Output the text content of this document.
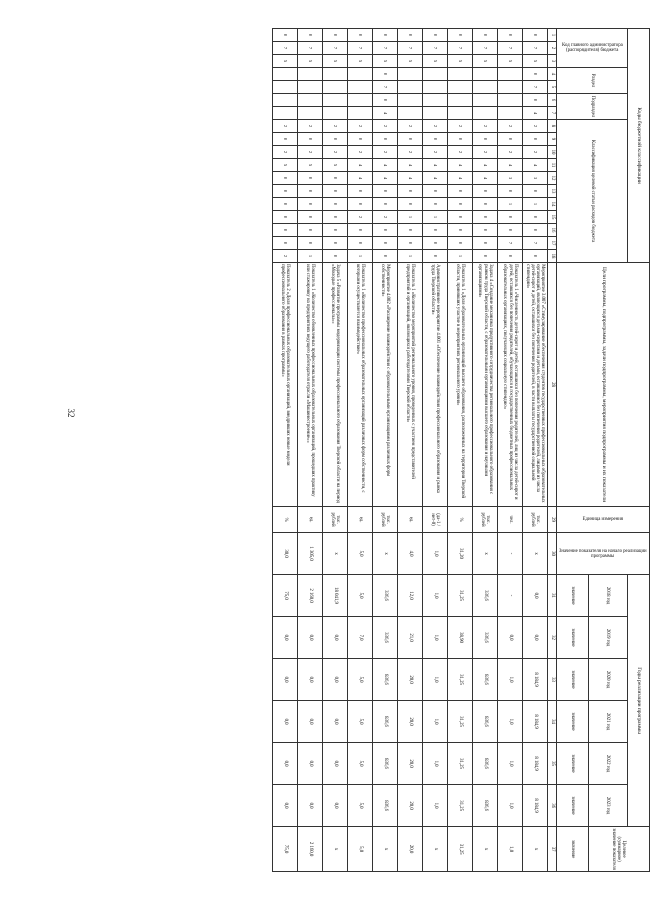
32
Коды бюджетной классификации																		Цели программы, подпрограммы, задачи подпрограммы, мероприятия подпрограммы и их показатели	Единица измерения	Значение показателя на начало реализации программы	Годы реализации программы						Целевое (суммарное) значение показателя

Код главного администратора (распорядителя) бюджета			Раздел		Подраздел		Классификация целевой статьи расходов бюджета														2018 год	2019 год	2020 год	2021 год	2022 год	2023 год	
																					значение	значение	значение	значение	значение	значение	значение
1	2	3	4	5	6	7	8	9	10	11	12	13	14	15	16	17	18	28	29	30	31	32	33	34	35	36	37
0	7	5	0	7	0	4	2	0	2	4	3	0	1	0	0	7	0	Мероприятие 3.007 «Стимулирование обеспечения студентов государственных профессиональных образовательных организаций, являющихся детьми-сиротами и детьми, оставшимися без попечения родителей, лицами из числа детей-сирот и детей, оставшихся без попечения родителей, в части выплаты государственной социальной стипендии»	тыс. рублей	х	0,0	0,0	8 184,9	8 184,9	8 184,9	8 184,9	х
0	7	5					2	0	2	4	3	0	1	0	0	7	0	Показатель 1 «Численность детей-сирот и детей, оставшихся без попечения родителей, лиц из числа детей-сирот и детей, оставшихся без попечения родителей, обучающихся в государственных бюджетных профессиональных образовательных организациях, получающих социальную стипендию»	чел.	-	-	0,0	1,0	1,0	1,0	1,0	1,0
0	7	5					2	0	2	4	4	0	0	0	0	0	0	Задача 4 «Создание механизма продуктивного сотрудничества регионального профессионального образования с рынком труда Тверской области, с образовательными организациями высшего образования и научными организациями»	тыс. рублей	х	336,6	336,6	836,6	836,6	836,6	836,6	х
0	7	5					2	0	2	4	4	0	0	0	0	0	1	Показатель 1 «Доля образовательных организаций высшего образования, расположенных на территории Тверской области, принявших участие в мероприятиях регионального уровня»	%	31,20	31,25	38,90	31,25	31,25	31,25	31,25	31,25
0	7	5					2	0	2	4	4	0	0	1	0	0	0	Административное мероприятие 4.001 «Обеспечение взаимодействия профессионального образования и рынка труда Тверской области»	(да-1 / нет-0)	1,0	1,0	1,0	1,0	1,0	1,0	1,0	х
0	7	5					2	0	2	4	4	0	0	1	0	0	1	Показатель 1 «Количество мероприятий регионального уровня, проведенных с участием представителей предприятий и организаций, являющихся работодателями Тверской области»	ед.	4,0	12,0	21,0	20,0	20,0	20,0	20,0	20,0
0	7	5	0	7	0	4	2	0	2	4	4	0	0	2	0	0	0	Мероприятие 4.002 «Расширение взаимодействия с образовательными организациями различных форм собственности»	тыс. рублей	х	336,6	336,6	836,6	836,6	836,6	836,6	х
0	7	5					2	0	2	4	4	0	0	2	0	0	1	Показатель 1 «Количество профессиональных образовательных организаций различных форм собственности, с которыми осуществляется взаимодействие»	ед.	5,0	5,0	7,0	5,0	5,0	5,0	5,0	5,0
0	7	5					2	0	2	5	0	0	0	0	0	0	0	Задача 5 «Развитие программы модернизации системы профессионального образования Тверской области на период «Молодые профессионалы»»	тыс. рублей	х	18 041,9	0,0	0,0	0,0	0,0	0,0	х
0	7	5					2	0	2	5	0	0	0	0	0	0	1	Показатель 1 «Количество обновленных профессиональных образовательных организаций, прошедших практику или стажировку на предприятиях ведущего работодателя отрасли «Машиностроение»»	ед.	1 305,0	2 160,0	0,0	0,0	0,0	0,0	0,0	2 160,0
0	7	5					2	0	2	5	0	0	0	0	0	0	2	Показатель 2 «Доля профессиональных образовательных организаций, внедривших новые модели профессионального образования в рамках программы»	%	30,0	75,0	0,0	0,0	0,0	0,0	0,0	75,0
